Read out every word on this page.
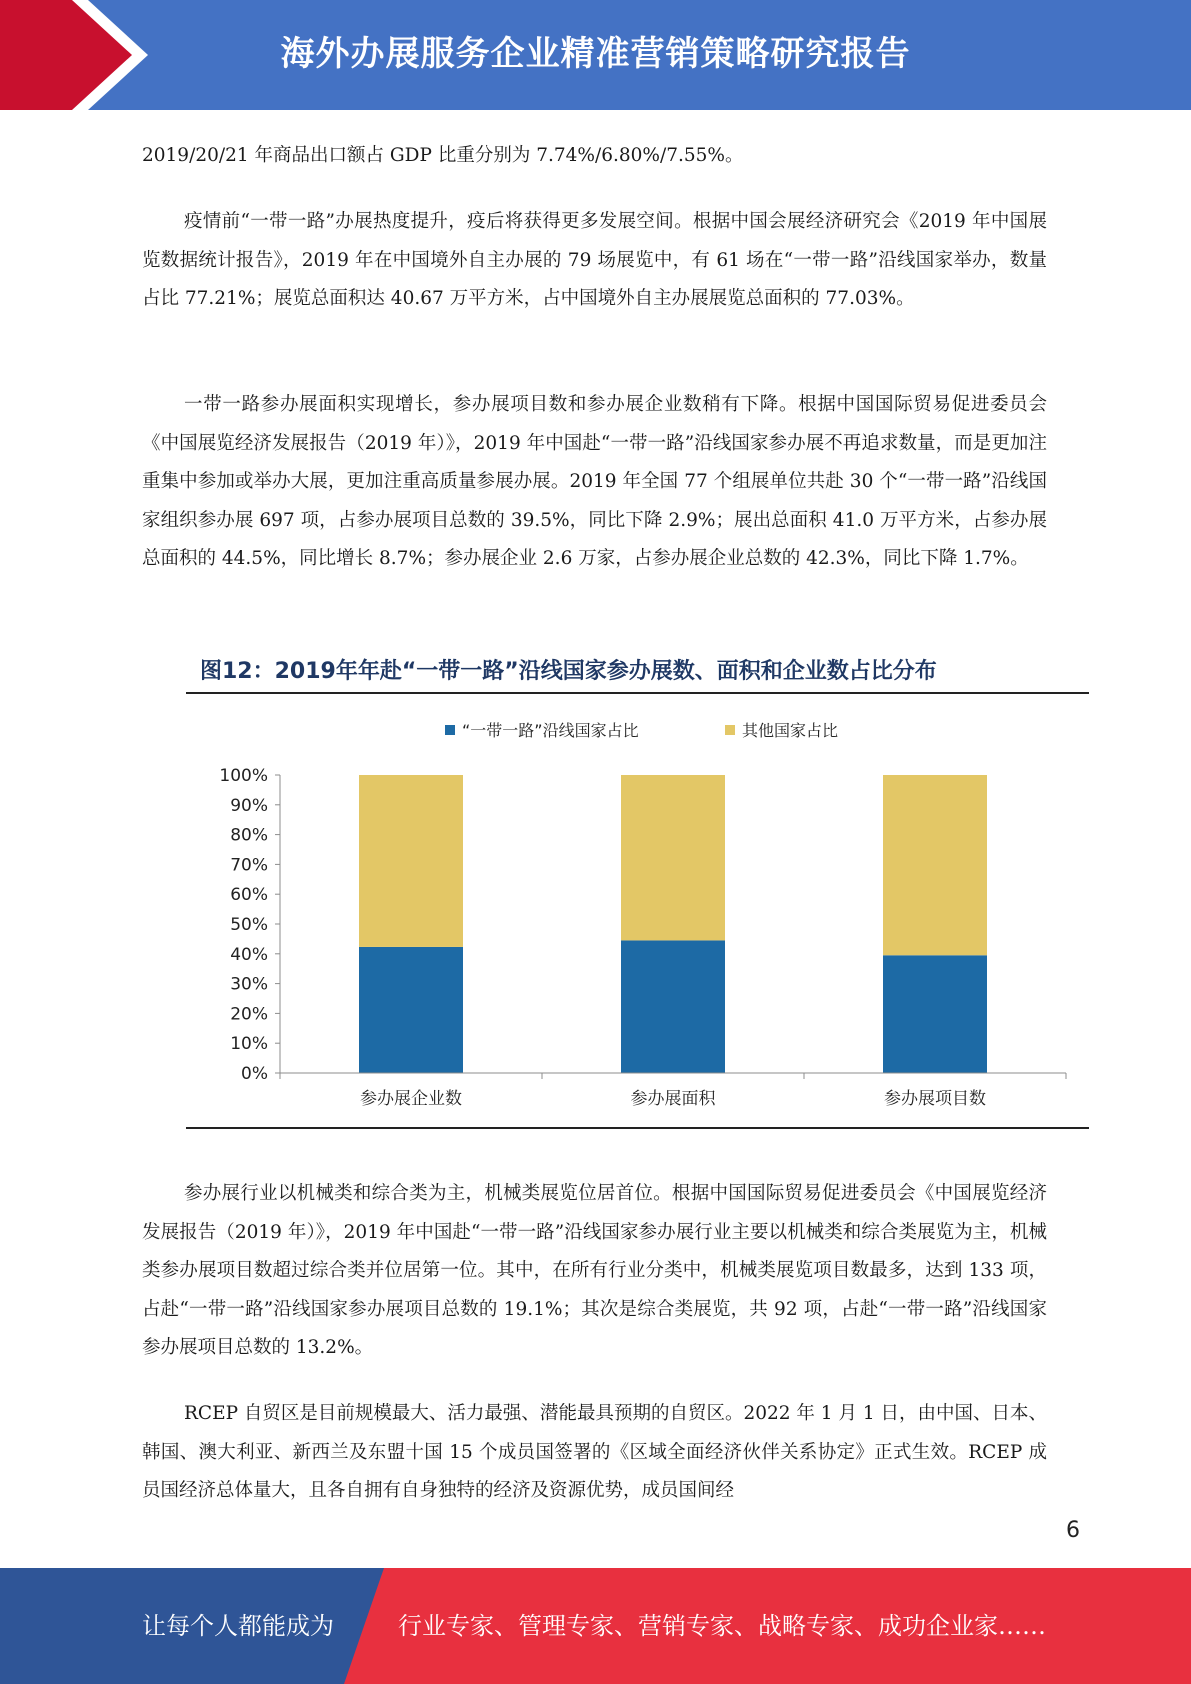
海外办展服务企业精准营销策略研究报告

2019/20/21 年商品出口额占 GDP 比重分别为 7.74%/6.80%/7.55%。

疫情前“一带一路”办展热度提升，疫后将获得更多发展空间。根据中国会展经济研究会《2019 年中国展览数据统计报告》，2019 年在中国境外自主办展的 79 场展览中，有 61 场在“一带一路”沿线国家举办，数量占比 77.21%；展览总面积达 40.67 万平方米，占中国境外自主办展展览总面积的 77.03%。

一带一路参办展面积实现增长，参办展项目数和参办展企业数稍有下降。根据中国国际贸易促进委员会《中国展览经济发展报告（2019 年）》，2019 年中国赴“一带一路”沿线国家参办展不再追求数量，而是更加注重集中参加或举办大展，更加注重高质量参展办展。2019 年全国 77 个组展单位共赴 30 个“一带一路”沿线国家组织参办展 697 项，占参办展项目总数的 39.5%，同比下降 2.9%；展出总面积 41.0 万平方米，占参办展总面积的 44.5%，同比增长 8.7%；参办展企业 2.6 万家，占参办展企业总数的 42.3%，同比下降 1.7%。

图12：2019年年赴“一带一路”沿线国家参办展数、面积和企业数占比分布
“一带一路”沿线国家占比	其他国家占比
0%
10%
20%
30%
40%
50%
60%
70%
80%
90%
100%
参办展企业数	参办展面积	参办展项目数

参办展行业以机械类和综合类为主，机械类展览位居首位。根据中国国际贸易促进委员会《中国展览经济发展报告（2019 年）》，2019 年中国赴“一带一路”沿线国家参办展行业主要以机械类和综合类展览为主，机械类参办展项目数超过综合类并位居第一位。其中，在所有行业分类中，机械类展览项目数最多，达到 133 项，占赴“一带一路”沿线国家参办展项目总数的 19.1%；其次是综合类展览，共 92 项，占赴“一带一路”沿线国家参办展项目总数的 13.2%。

RCEP 自贸区是目前规模最大、活力最强、潜能最具预期的自贸区。2022 年 1 月 1 日，由中国、日本、韩国、澳大利亚、新西兰及东盟十国 15 个成员国签署的《区域全面经济伙伴关系协定》正式生效。RCEP 成员国经济总体量大，且各自拥有自身独特的经济及资源优势，成员国间经

6
让每个人都能成为	行业专家、管理专家、营销专家、战略专家、成功企业家……
